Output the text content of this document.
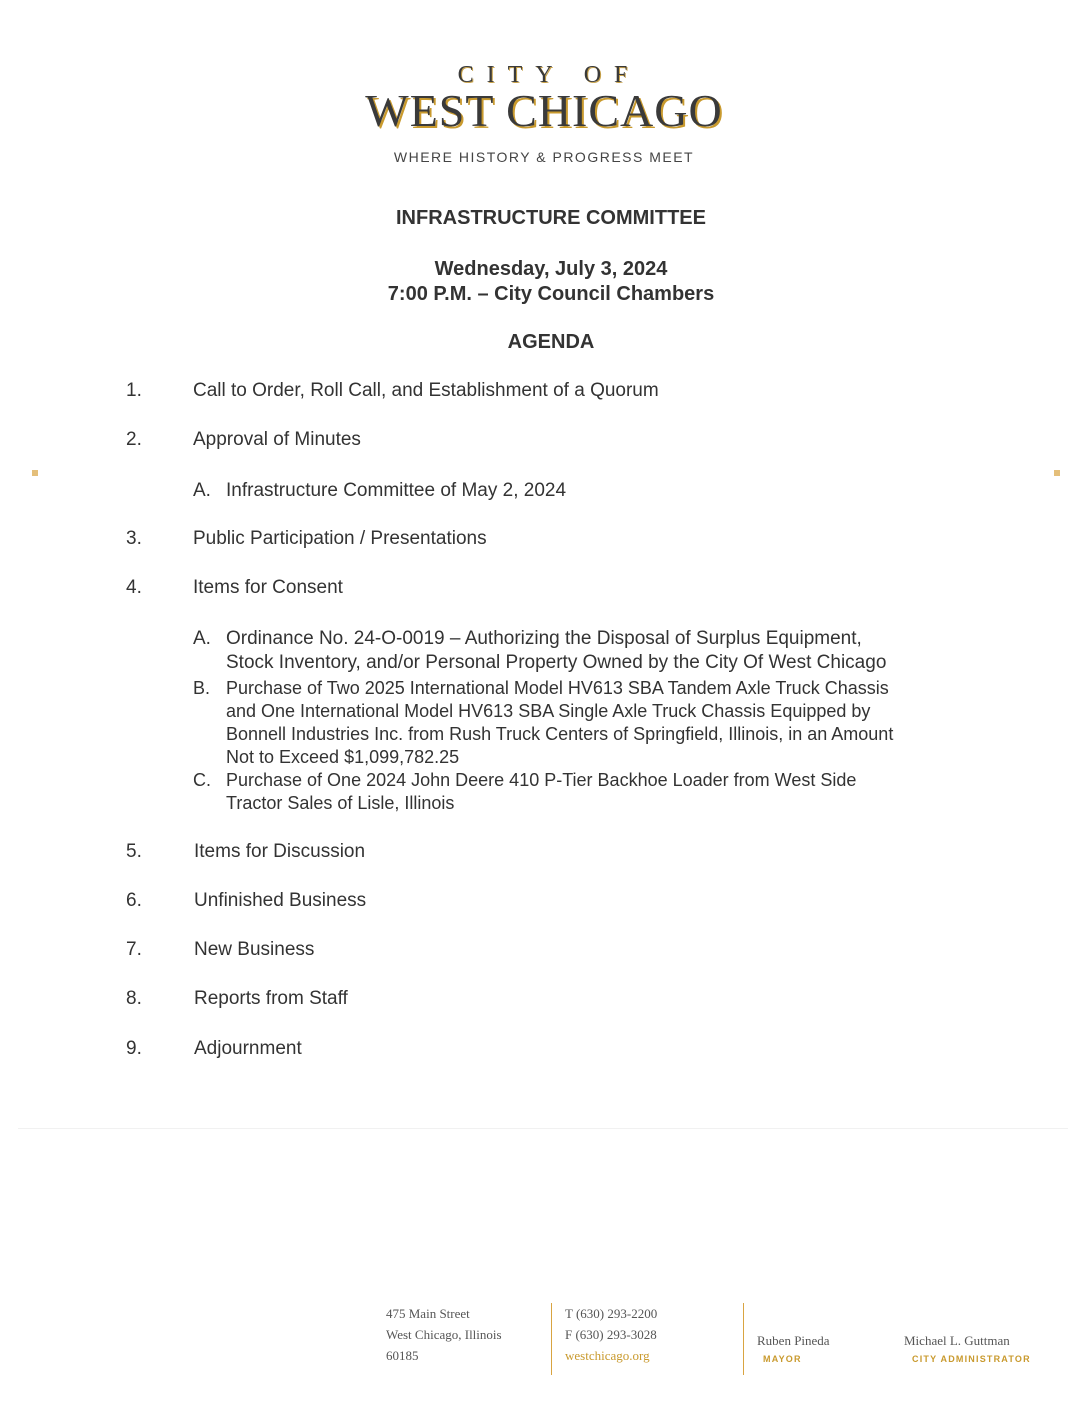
CITY OF
WEST CHICAGO
WHERE HISTORY & PROGRESS MEET
INFRASTRUCTURE COMMITTEE
Wednesday, July 3, 2024
7:00 P.M. – City Council Chambers
AGENDA
1.	Call to Order, Roll Call, and Establishment of a Quorum
2.	Approval of Minutes
A. Infrastructure Committee of May 2, 2024
3.	Public Participation / Presentations
4.	Items for Consent
A. Ordinance No. 24-O-0019 – Authorizing the Disposal of Surplus Equipment,
Stock Inventory, and/or Personal Property Owned by the City Of West Chicago
B. Purchase of Two 2025 International Model HV613 SBA Tandem Axle Truck Chassis
and One International Model HV613 SBA Single Axle Truck Chassis Equipped by
Bonnell Industries Inc. from Rush Truck Centers of Springfield, Illinois, in an Amount
Not to Exceed $1,099,782.25
C. Purchase of One 2024 John Deere 410 P-Tier Backhoe Loader from West Side
Tractor Sales of Lisle, Illinois
5.	Items for Discussion
6.	Unfinished Business
7.	New Business
8.	Reports from Staff
9.	Adjournment
475 Main Street
West Chicago, Illinois
60185
T (630) 293-2200
F (630) 293-3028
westchicago.org
Ruben Pineda
MAYOR
Michael L. Guttman
CITY ADMINISTRATOR
